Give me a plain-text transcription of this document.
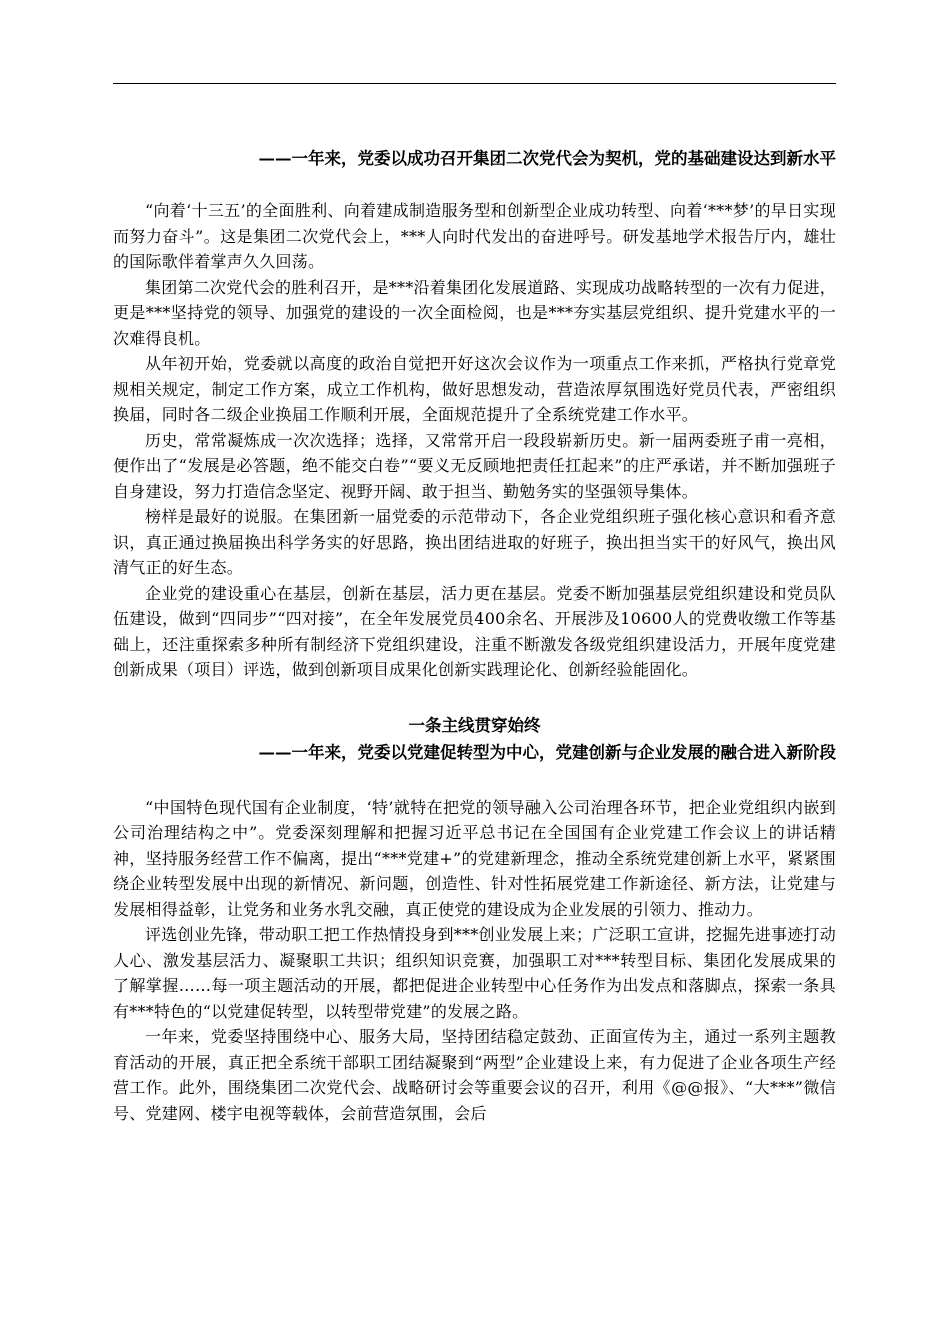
——一年来，党委以成功召开集团二次党代会为契机，党的基础建设达到新水平

“向着‘十三五’的全面胜利、向着建成制造服务型和创新型企业成功转型、向着‘***梦’的早日实现而努力奋斗”。这是集团二次党代会上，***人向时代发出的奋进呼号。研发基地学术报告厅内，雄壮的国际歌伴着掌声久久回荡。

集团第二次党代会的胜利召开，是***沿着集团化发展道路、实现成功战略转型的一次有力促进，更是***坚持党的领导、加强党的建设的一次全面检阅，也是***夯实基层党组织、提升党建水平的一次难得良机。

从年初开始，党委就以高度的政治自觉把开好这次会议作为一项重点工作来抓，严格执行党章党规相关规定，制定工作方案，成立工作机构，做好思想发动，营造浓厚氛围选好党员代表，严密组织换届，同时各二级企业换届工作顺利开展，全面规范提升了全系统党建工作水平。

历史，常常凝炼成一次次选择；选择，又常常开启一段段崭新历史。新一届两委班子甫一亮相，便作出了“发展是必答题，绝不能交白卷”“要义无反顾地把责任扛起来”的庄严承诺，并不断加强班子自身建设，努力打造信念坚定、视野开阔、敢于担当、勤勉务实的坚强领导集体。

榜样是最好的说服。在集团新一届党委的示范带动下，各企业党组织班子强化核心意识和看齐意识，真正通过换届换出科学务实的好思路，换出团结进取的好班子，换出担当实干的好风气，换出风清气正的好生态。

企业党的建设重心在基层，创新在基层，活力更在基层。党委不断加强基层党组织建设和党员队伍建设，做到“四同步”“四对接”，在全年发展党员400余名、开展涉及10600人的党费收缴工作等基础上，还注重探索多种所有制经济下党组织建设，注重不断激发各级党组织建设活力，开展年度党建创新成果（项目）评选，做到创新项目成果化创新实践理论化、创新经验能固化。

一条主线贯穿始终
——一年来，党委以党建促转型为中心，党建创新与企业发展的融合进入新阶段

“中国特色现代国有企业制度，‘特’就特在把党的领导融入公司治理各环节，把企业党组织内嵌到公司治理结构之中”。党委深刻理解和把握习近平总书记在全国国有企业党建工作会议上的讲话精神，坚持服务经营工作不偏离，提出“***党建+”的党建新理念，推动全系统党建创新上水平，紧紧围绕企业转型发展中出现的新情况、新问题，创造性、针对性拓展党建工作新途径、新方法，让党建与发展相得益彰，让党务和业务水乳交融，真正使党的建设成为企业发展的引领力、推动力。

评选创业先锋，带动职工把工作热情投身到***创业发展上来；广泛职工宣讲，挖掘先进事迹打动人心、激发基层活力、凝聚职工共识；组织知识竞赛，加强职工对***转型目标、集团化发展成果的了解掌握……每一项主题活动的开展，都把促进企业转型中心任务作为出发点和落脚点，探索一条具有***特色的“以党建促转型，以转型带党建”的发展之路。

一年来，党委坚持围绕中心、服务大局，坚持团结稳定鼓劲、正面宣传为主，通过一系列主题教育活动的开展，真正把全系统干部职工团结凝聚到“两型”企业建设上来，有力促进了企业各项生产经营工作。此外，围绕集团二次党代会、战略研讨会等重要会议的召开，利用《@@报》、“大***”微信号、党建网、楼宇电视等载体，会前营造氛围，会后
